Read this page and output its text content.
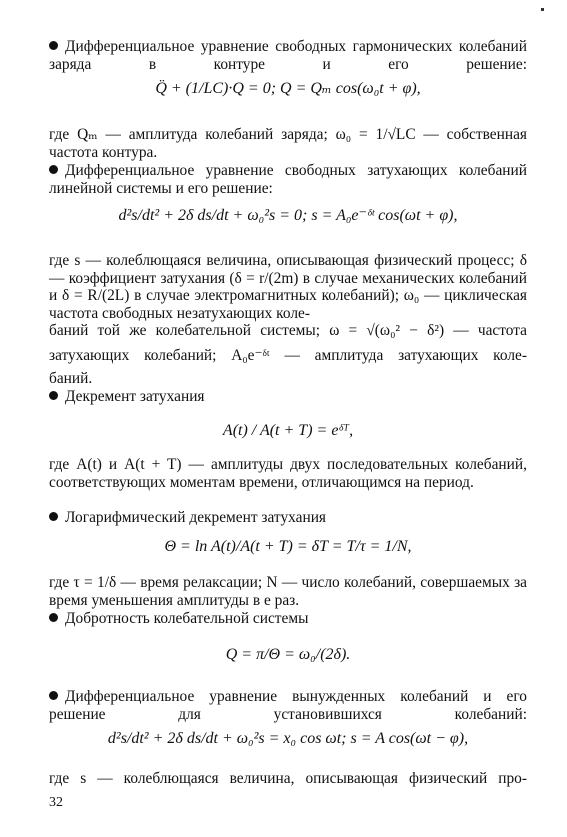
Дифференциальное уравнение свободных гармонических колебаний заряда в контуре и его решение:

Q̈ + (1/LC)·Q = 0; Q = Qₘ cos(ω₀t + φ),

где Qₘ — амплитуда колебаний заряда; ω₀ = 1/√LC — собственная частота контура.

Дифференциальное уравнение свободных затухающих колебаний линейной системы и его решение:

d²s/dt² + 2δ ds/dt + ω₀²s = 0; s = A₀e⁻ᵟᵗ cos(ωt + φ),

где s — колеблющаяся величина, описывающая физический процесс; δ — коэффициент затухания (δ = r/(2m) в случае механических колебаний и δ = R/(2L) в случае электромагнитных колебаний); ω₀ — циклическая частота свободных незатухающих коле-

баний той же колебательной системы; ω = √(ω₀² − δ²) — частота

затухающих колебаний; A₀e⁻ᵟᵗ — амплитуда затухающих коле-

баний.

Декремент затухания

A(t) / A(t + T) = eᵟᵀ,

где A(t) и A(t + T) — амплитуды двух последовательных колебаний, соответствующих моментам времени, отличающимся на период.

Логарифмический декремент затухания

Θ = ln A(t)/A(t + T) = δT = T/τ = 1/N,

где τ = 1/δ — время релаксации; N — число колебаний, совершаемых за время уменьшения амплитуды в e раз.

Добротность колебательной системы

Q = π/Θ = ω₀/(2δ).

Дифференциальное уравнение вынужденных колебаний и его решение для установившихся колебаний:

d²s/dt² + 2δ ds/dt + ω₀²s = x₀ cos ωt; s = A cos(ωt − φ),

где s — колеблющаяся величина, описывающая физический про-

32
